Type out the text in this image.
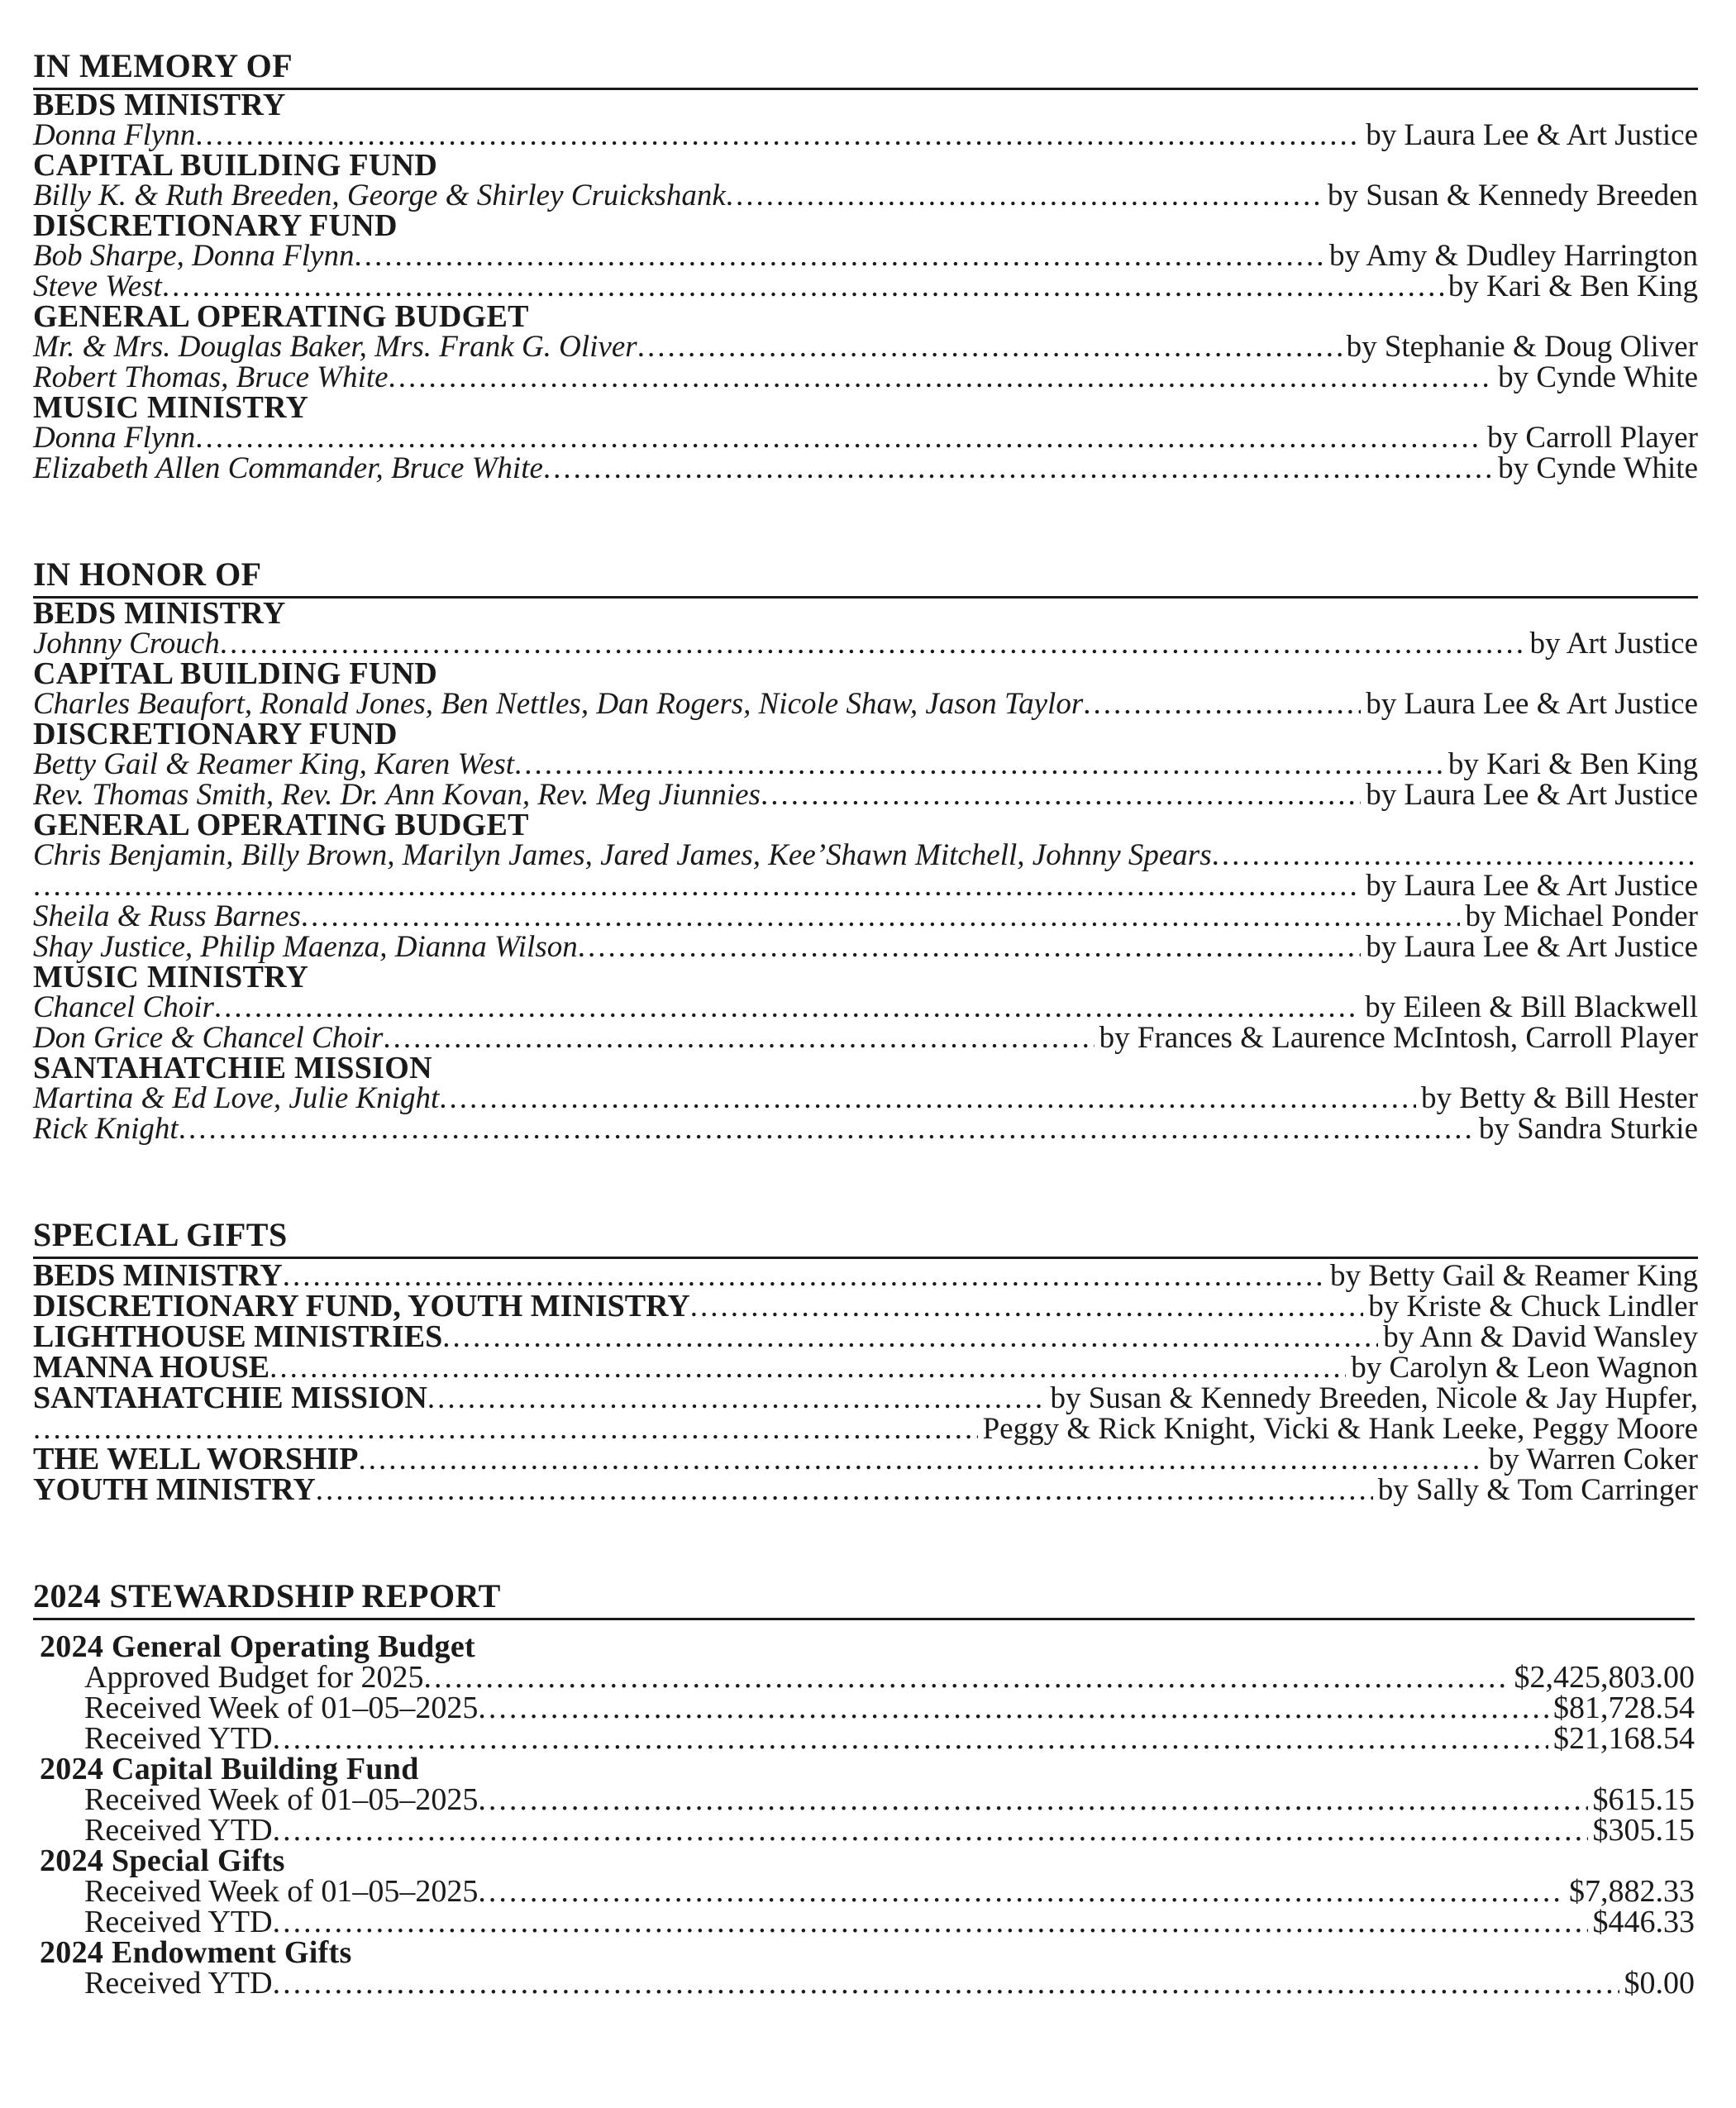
IN MEMORY OF
BEDS MINISTRY
Donna Flynn .....	by Laura Lee & Art Justice
CAPITAL BUILDING FUND
Billy K. & Ruth Breeden, George & Shirley Cruickshank .....	by Susan & Kennedy Breeden
DISCRETIONARY FUND
Bob Sharpe, Donna Flynn .....	by Amy & Dudley Harrington
Steve West .....	by Kari & Ben King
GENERAL OPERATING BUDGET
Mr. & Mrs. Douglas Baker, Mrs. Frank G. Oliver .....	by Stephanie & Doug Oliver
Robert Thomas, Bruce White .....	by Cynde White
MUSIC MINISTRY
Donna Flynn .....	by Carroll Player
Elizabeth Allen Commander, Bruce White .....	by Cynde White
IN HONOR OF
BEDS MINISTRY
Johnny Crouch .....	by Art Justice
CAPITAL BUILDING FUND
Charles Beaufort, Ronald Jones, Ben Nettles, Dan Rogers, Nicole Shaw, Jason Taylor .....	by Laura Lee & Art Justice
DISCRETIONARY FUND
Betty Gail & Reamer King, Karen West .....	by Kari & Ben King
Rev. Thomas Smith, Rev. Dr. Ann Kovan, Rev. Meg Jiunnies .....	by Laura Lee & Art Justice
GENERAL OPERATING BUDGET
Chris Benjamin, Billy Brown, Marilyn James, Jared James, Kee’Shawn Mitchell, Johnny Spears
.....
.....
by Laura Lee & Art Justice
Sheila & Russ Barnes .....	by Michael Ponder
Shay Justice, Philip Maenza, Dianna Wilson .....	by Laura Lee & Art Justice
MUSIC MINISTRY
Chancel Choir .....	by Eileen & Bill Blackwell
Don Grice & Chancel Choir .....	by Frances & Laurence McIntosh, Carroll Player
SANTAHATCHIE MISSION
Martina & Ed Love, Julie Knight .....	by Betty & Bill Hester
Rick Knight .....	by Sandra Sturkie
SPECIAL GIFTS
BEDS MINISTRY .....	by Betty Gail & Reamer King
DISCRETIONARY FUND, YOUTH MINISTRY .....	by Kriste & Chuck Lindler
LIGHTHOUSE MINISTRIES .....	by Ann & David Wansley
MANNA HOUSE .....	by Carolyn & Leon Wagnon
SANTAHATCHIE MISSION .....	by Susan & Kennedy Breeden, Nicole & Jay Hupfer,
.....
Peggy & Rick Knight, Vicki & Hank Leeke, Peggy Moore
THE WELL WORSHIP .....	by Warren Coker
YOUTH MINISTRY .....	by Sally & Tom Carringer
2024 STEWARDSHIP REPORT
2024 General Operating Budget
Approved Budget for 2025 .....	$2,425,803.00
Received Week of 01–05–2025 .....	$81,728.54
Received YTD .....	$21,168.54
2024 Capital Building Fund
Received Week of 01–05–2025 .....	$615.15
Received YTD .....	$305.15
2024 Special Gifts
Received Week of 01–05–2025 .....	$7,882.33
Received YTD .....	$446.33
2024 Endowment Gifts
Received YTD .....	$0.00
